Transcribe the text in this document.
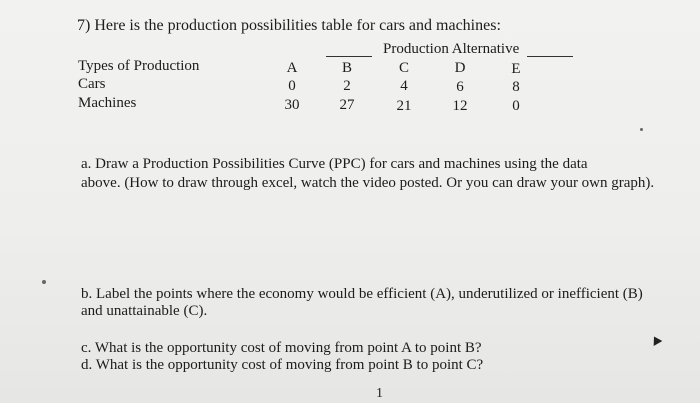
7) Here is the production possibilities table for cars and machines:
Production Alternative
Types of Production	A	B	C	D	E
Cars	0	2	4	6	8
Machines	30	27	21	12	0
a. Draw a Production Possibilities Curve (PPC) for cars and machines using the data
above. (How to draw through excel, watch the video posted. Or you can draw your own graph).
b. Label the points where the economy would be efficient (A), underutilized or inefficient (B)
and unattainable (C).
c. What is the opportunity cost of moving from point A to point B?
d. What is the opportunity cost of moving from point B to point C?
1
